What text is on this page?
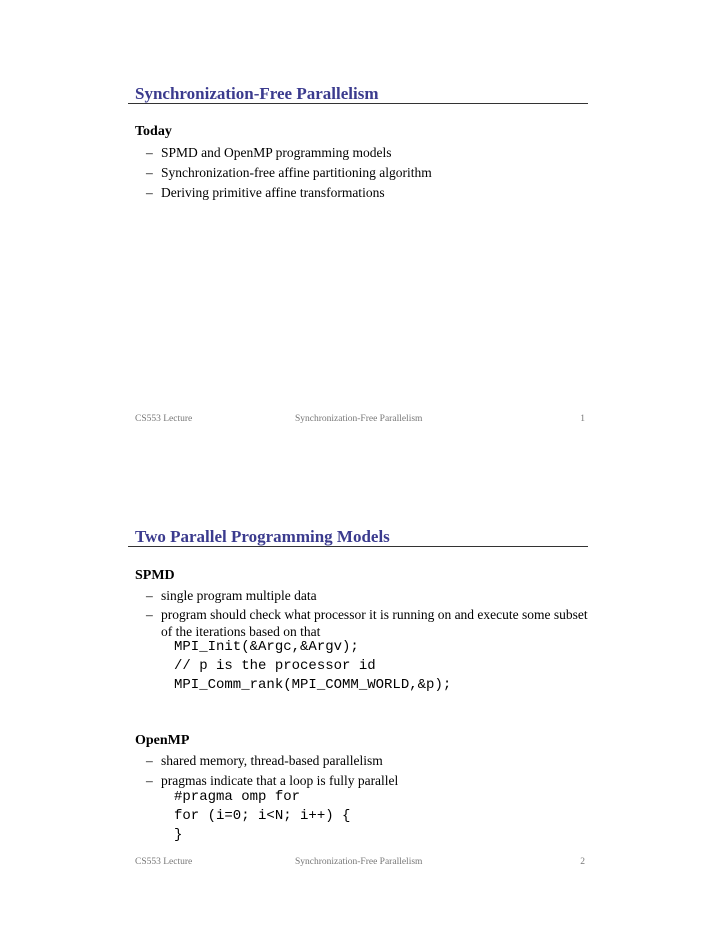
Synchronization-Free Parallelism
Today
– SPMD and OpenMP programming models
– Synchronization-free affine partitioning algorithm
– Deriving primitive affine transformations
CS553 Lecture	Synchronization-Free Parallelism	1
Two Parallel Programming Models
SPMD
– single program multiple data
– program should check what processor it is running on and execute some subset of the iterations based on that
MPI_Init(&Argc,&Argv);
// p is the processor id
MPI_Comm_rank(MPI_COMM_WORLD,&p);
OpenMP
– shared memory, thread-based parallelism
– pragmas indicate that a loop is fully parallel
#pragma omp for
for (i=0; i<N; i++) {
}
CS553 Lecture	Synchronization-Free Parallelism	2
